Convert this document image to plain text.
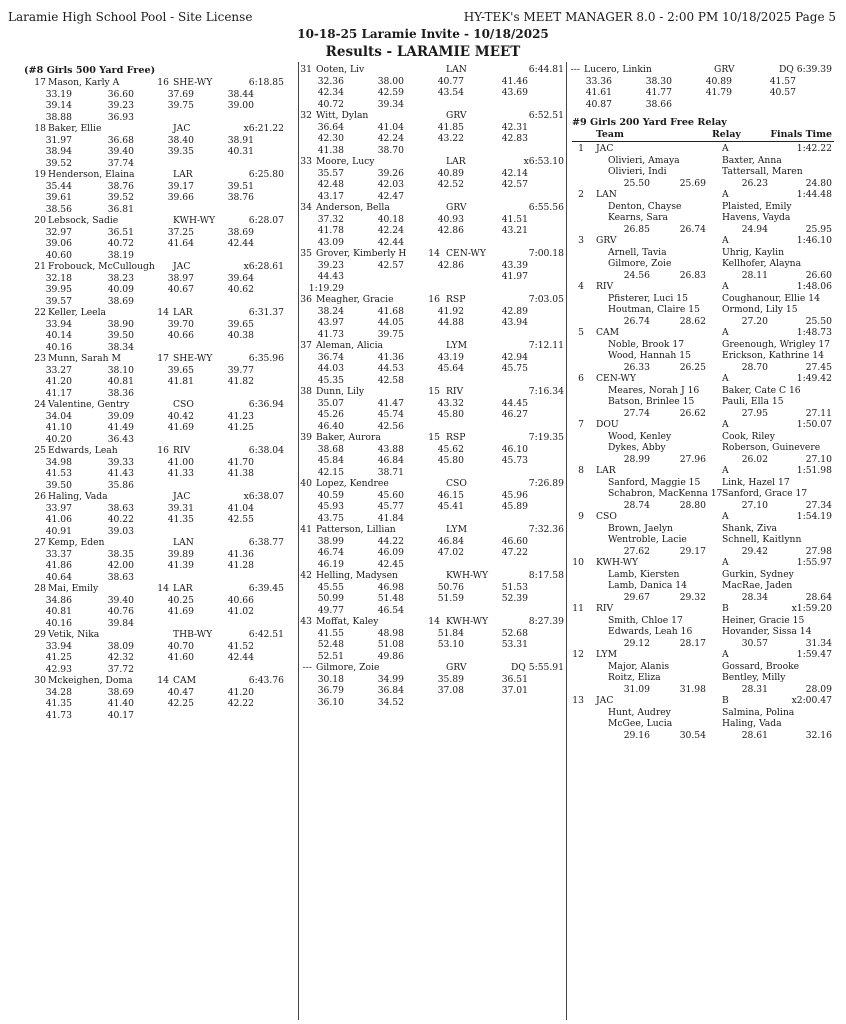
Laramie High School Pool - Site License	HY-TEK's MEET MANAGER 8.0 - 2:00 PM 10/18/2025 Page 5
10-18-25 Laramie Invite - 10/18/2025
Results - LARAMIE MEET
(#8 Girls 500 Yard Free)
17 Mason, Karly A	16 SHE-WY	6:18.85
33.19	36.60	37.69	38.44
39.14	39.23	39.75	39.00
38.88	36.93
18 Baker, Ellie	JAC	x6:21.22
31.97	36.68	38.40	38.91
38.94	39.40	39.35	40.31
39.52	37.74
19 Henderson, Elaina	LAR	6:25.80
35.44	38.76	39.17	39.51
39.61	39.52	39.66	38.76
38.56	36.81
20 Lebsock, Sadie	KWH-WY	6:28.07
32.97	36.51	37.25	38.69
39.06	40.72	41.64	42.44
40.60	38.19
21 Frobouck, McCullough JAC	x6:28.61
32.18	38.23	38.97	39.64
39.95	40.09	40.67	40.62
39.57	38.69
22 Keller, Leela	14 LAR	6:31.37
33.94	38.90	39.70	39.65
40.14	39.50	40.66	40.38
40.16	38.34
23 Munn, Sarah M	17 SHE-WY	6:35.96
33.27	38.10	39.65	39.77
41.20	40.81	41.81	41.82
41.17	38.36
24 Valentine, Gentry	CSO	6:36.94
34.04	39.09	40.42	41.23
41.10	41.49	41.69	41.25
40.20	36.43
25 Edwards, Leah	16 RIV	6:38.04
34.98	39.33	41.00	41.70
41.53	41.43	41.33	41.38
39.50	35.86
26 Haling, Vada	JAC	x6:38.07
33.97	38.63	39.31	41.04
41.06	40.22	41.35	42.55
40.91	39.03
27 Kemp, Eden	LAN	6:38.77
33.37	38.35	39.89	41.36
41.86	42.00	41.39	41.28
40.64	38.63
28 Mai, Emily	14 LAR	6:39.45
34.86	39.40	40.25	40.66
40.81	40.76	41.69	41.02
40.16	39.84
29 Vetik, Nika	THB-WY	6:42.51
33.94	38.09	40.70	41.52
41.25	42.32	41.60	42.44
42.93	37.72
30 Mckeighen, Doma	14 CAM	6:43.76
34.28	38.69	40.47	41.20
41.35	41.40	42.25	42.22
41.73	40.17
31 Ooten, Liv	LAN	6:44.81
32.36	38.00	40.77	41.46
42.34	42.59	43.54	43.69
40.72	39.34
32 Witt, Dylan	GRV	6:52.51
36.64	41.04	41.85	42.31
42.30	42.24	43.22	42.83
41.38	38.70
33 Moore, Lucy	LAR	x6:53.10
35.57	39.26	40.89	42.14
42.48	42.03	42.52	42.57
43.17	42.47
34 Anderson, Bella	GRV	6:55.56
37.32	40.18	40.93	41.51
41.78	42.24	42.86	43.21
43.09	42.44
35 Grover, Kimberly H 14 CEN-WY	7:00.18
39.23	42.57	42.86	43.39
44.43	41.97
1:19.29
36 Meagher, Gracie	16 RSP	7:03.05
38.24	41.68	41.92	42.89
43.97	44.05	44.88	43.94
41.73	39.75
37 Aleman, Alicia	LYM	7:12.11
36.74	41.36	43.19	42.94
44.03	44.53	45.64	45.75
45.35	42.58
38 Dunn, Lily	15 RIV	7:16.34
35.07	41.47	43.32	44.45
45.26	45.74	45.80	46.27
46.40	42.56
39 Baker, Aurora	15 RSP	7:19.35
38.68	43.88	45.62	46.10
45.84	46.84	45.80	45.73
42.15	38.71
40 Lopez, Kendree	CSO	7:26.89
40.59	45.60	46.15	45.96
45.93	45.77	45.41	45.89
43.75	41.84
41 Patterson, Lillian	LYM	7:32.36
38.99	44.22	46.84	46.60
46.74	46.09	47.02	47.22
46.19	42.45
42 Helling, Madysen	KWH-WY	8:17.58
45.55	46.98	50.76	51.53
50.99	51.48	51.59	52.39
49.77	46.54
43 Moffat, Kaley	14 KWH-WY	8:27.39
41.55	48.98	51.84	52.68
52.48	51.08	53.10	53.31
52.51	49.86
--- Gilmore, Zoie	GRV	DQ 5:55.91
30.18	34.99	35.89	36.51
36.79	36.84	37.08	37.01
36.10	34.52
--- Lucero, Linkin	GRV	DQ 6:39.39
33.36	38.30	40.89	41.57
41.61	41.77	41.79	40.57
40.87	38.66
#9 Girls 200 Yard Free Relay
Team	Relay	Finals Time
1 JAC	A	1:42.22
Olivieri, Amaya	Baxter, Anna
Olivieri, Indi	Tattersall, Maren
25.50	25.69	26.23	24.80
2 LAN	A	1:44.48
Denton, Chayse	Plaisted, Emily
Kearns, Sara	Havens, Vayda
26.85	26.74	24.94	25.95
3 GRV	A	1:46.10
Arnell, Tavia	Uhrig, Kaylin
Gilmore, Zoie	Kellhofer, Alayna
24.56	26.83	28.11	26.60
4 RIV	A	1:48.06
Pfisterer, Luci 15	Coughanour, Ellie 14
Houtman, Claire 15 Ormond, Lily 15
26.74	28.62	27.20	25.50
5 CAM	A	1:48.73
Noble, Brook 17	Greenough, Wrigley 17
Wood, Hannah 15	Erickson, Kathrine 14
26.33	26.25	28.70	27.45
6 CEN-WY	A	1:49.42
Meares, Norah J 16 Baker, Cate C 16
Batson, Brinlee 15	Pauli, Ella 15
27.74	26.62	27.95	27.11
7 DOU	A	1:50.07
Wood, Kenley	Cook, Riley
Dykes, Abby	Roberson, Guinevere
28.99	27.96	26.02	27.10
8 LAR	A	1:51.98
Sanford, Maggie 15 Link, Hazel 17
Schabron, MacKenna 17 Sanford, Grace 17
28.74	28.80	27.10	27.34
9 CSO	A	1:54.19
Brown, Jaelyn	Shank, Ziva
Wentroble, Lacie	Schnell, Kaitlynn
27.62	29.17	29.42	27.98
10 KWH-WY	A	1:55.97
Lamb, Kiersten	Gurkin, Sydney
Lamb, Danica 14	MacRae, Jaden
29.67	29.32	28.34	28.64
11 RIV	B	x1:59.20
Smith, Chloe 17	Heiner, Gracie 15
Edwards, Leah 16	Hovander, Sissa 14
29.12	28.17	30.57	31.34
12 LYM	A	1:59.47
Major, Alanis	Gossard, Brooke
Roitz, Eliza	Bentley, Milly
31.09	31.98	28.31	28.09
13 JAC	B	x2:00.47
Hunt, Audrey	Salmina, Polina
McGee, Lucia	Haling, Vada
29.16	30.54	28.61	32.16
